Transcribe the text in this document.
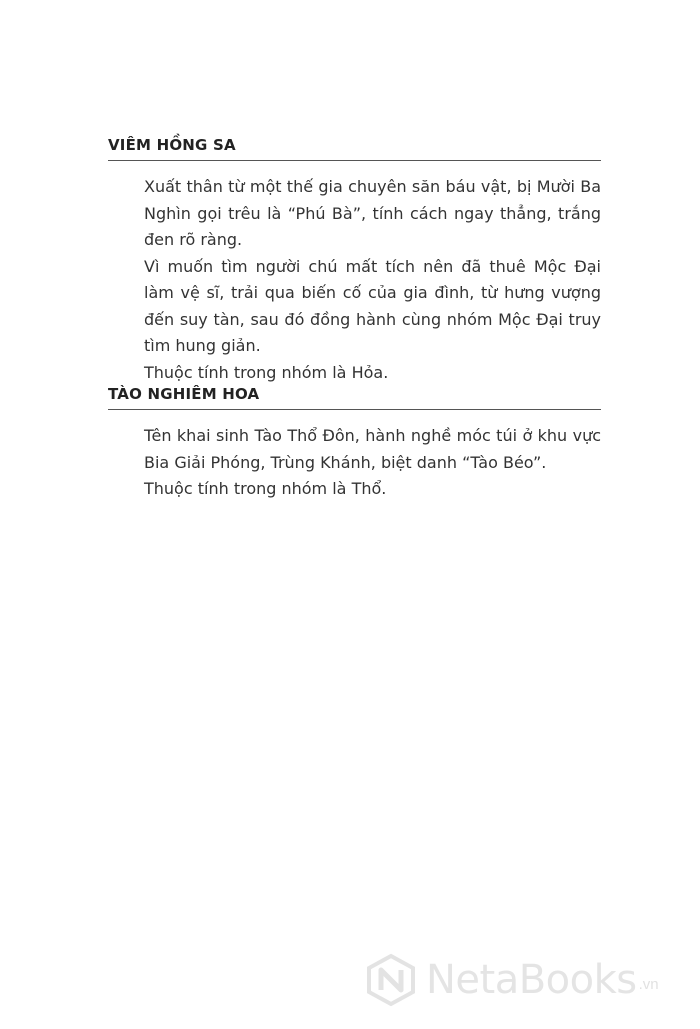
VIÊM HỒNG SA

Xuất thân từ một thế gia chuyên săn báu vật, bị Mười Ba Nghìn gọi trêu là “Phú Bà”, tính cách ngay thẳng, trắng đen rõ ràng.

Vì muốn tìm người chú mất tích nên đã thuê Mộc Đại làm vệ sĩ, trải qua biến cố của gia đình, từ hưng vượng đến suy tàn, sau đó đồng hành cùng nhóm Mộc Đại truy tìm hung giản.

Thuộc tính trong nhóm là Hỏa.

TÀO NGHIÊM HOA

Tên khai sinh Tào Thổ Đôn, hành nghề móc túi ở khu vực Bia Giải Phóng, Trùng Khánh, biệt danh “Tào Béo”.

Thuộc tính trong nhóm là Thổ.

NetaBooks .vn
